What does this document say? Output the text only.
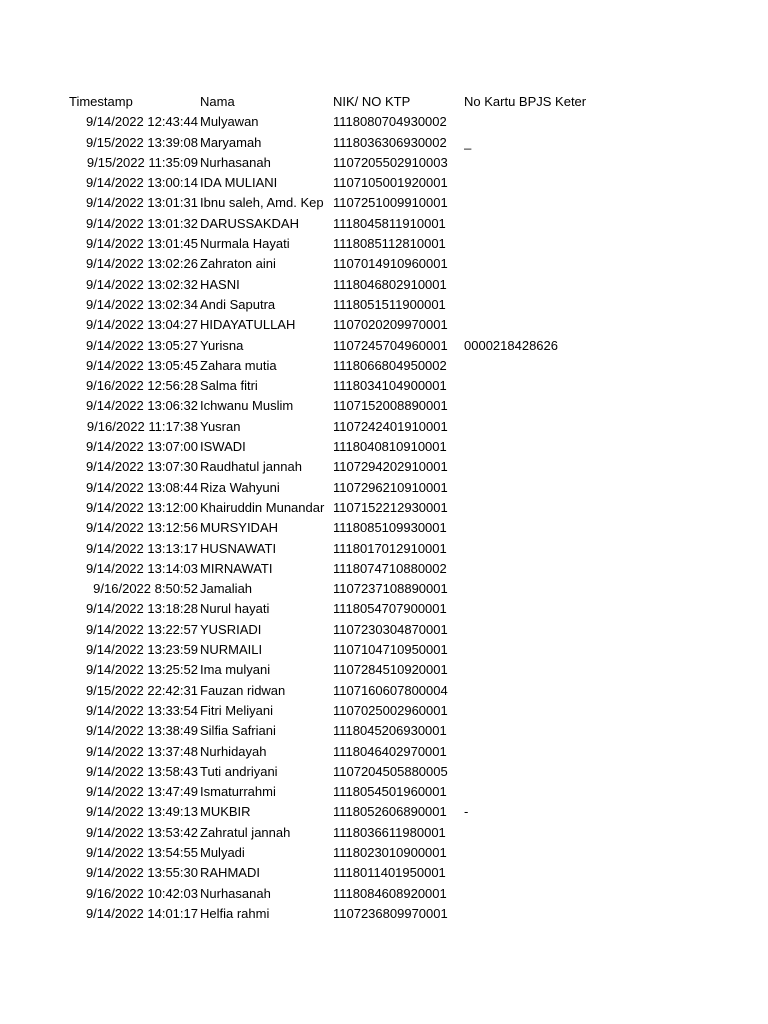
Timestamp	Nama	NIK/ NO KTP	No Kartu BPJS Keter
9/14/2022 12:43:44 Mulyawan	1118080704930002
9/15/2022 13:39:08 Maryamah	1118036306930002 _
9/15/2022 11:35:09 Nurhasanah	1107205502910003
9/14/2022 13:00:14 IDA MULIANI	1107105001920001
9/14/2022 13:01:31 Ibnu saleh, Amd. Kep 1107251009910001
9/14/2022 13:01:32 DARUSSAKDAH	1118045811910001
9/14/2022 13:01:45 Nurmala Hayati	1118085112810001
9/14/2022 13:02:26 Zahraton aini	1107014910960001
9/14/2022 13:02:32 HASNI	1118046802910001
9/14/2022 13:02:34 Andi Saputra	1118051511900001
9/14/2022 13:04:27 HIDAYATULLAH	1107020209970001
9/14/2022 13:05:27 Yurisna	1107245704960001 0000218428626
9/14/2022 13:05:45 Zahara mutia	1118066804950002
9/16/2022 12:56:28 Salma fitri	1118034104900001
9/14/2022 13:06:32 Ichwanu Muslim	1107152008890001
9/16/2022 11:17:38 Yusran	1107242401910001
9/14/2022 13:07:00 ISWADI	1118040810910001
9/14/2022 13:07:30 Raudhatul jannah 1107294202910001
9/14/2022 13:08:44 Riza Wahyuni	1107296210910001
9/14/2022 13:12:00 Khairuddin Munandar 1107152212930001
9/14/2022 13:12:56 MURSYIDAH	1118085109930001
9/14/2022 13:13:17 HUSNAWATI	1118017012910001
9/14/2022 13:14:03 MIRNAWATI	1118074710880002
9/16/2022 8:50:52 Jamaliah	1107237108890001
9/14/2022 13:18:28 Nurul hayati	1118054707900001
9/14/2022 13:22:57 YUSRIADI	1107230304870001
9/14/2022 13:23:59 NURMAILI	1107104710950001
9/14/2022 13:25:52 Ima mulyani	1107284510920001
9/15/2022 22:42:31 Fauzan ridwan	1107160607800004
9/14/2022 13:33:54 Fitri Meliyani	1107025002960001
9/14/2022 13:38:49 Silfia Safriani	1118045206930001
9/14/2022 13:37:48 Nurhidayah	1118046402970001
9/14/2022 13:58:43 Tuti andriyani	1107204505880005
9/14/2022 13:47:49 Ismaturrahmi	1118054501960001
9/14/2022 13:49:13 MUKBIR	1118052606890001 -
9/14/2022 13:53:42 Zahratul jannah	1118036611980001
9/14/2022 13:54:55 Mulyadi	1118023010900001
9/14/2022 13:55:30 RAHMADI	1118011401950001
9/16/2022 10:42:03 Nurhasanah	1118084608920001
9/14/2022 14:01:17 Helfia rahmi	1107236809970001
